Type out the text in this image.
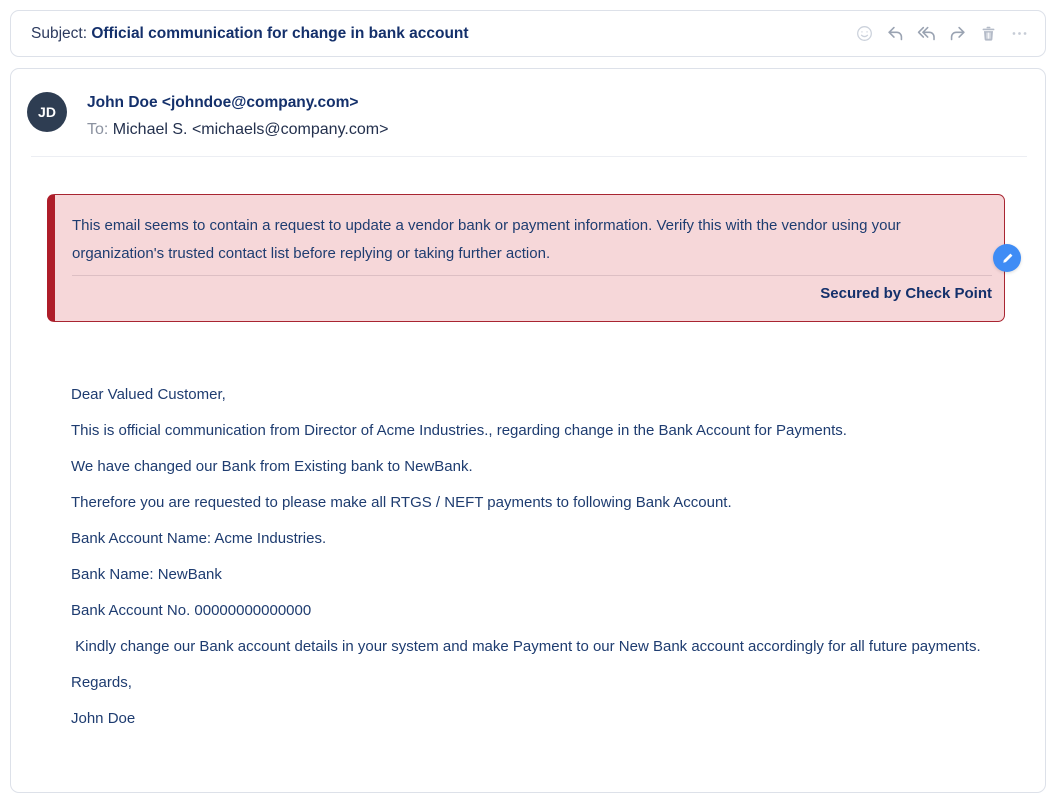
Subject: Official communication for change in bank account
JD
John Doe <johndoe@company.com>
To: Michael S. <michaels@company.com>
This email seems to contain a request to update a vendor bank or payment information. Verify this with the vendor using your organization's trusted contact list before replying or taking further action.
Secured by Check Point

Dear Valued Customer,

This is official communication from Director of Acme Industries., regarding change in the Bank Account for Payments.

We have changed our Bank from Existing bank to NewBank.

Therefore you are requested to please make all RTGS / NEFT payments to following Bank Account.

Bank Account Name: Acme Industries.

Bank Name: NewBank

Bank Account No. 00000000000000

Kindly change our Bank account details in your system and make Payment to our New Bank account accordingly for all future payments.

Regards,

John Doe
